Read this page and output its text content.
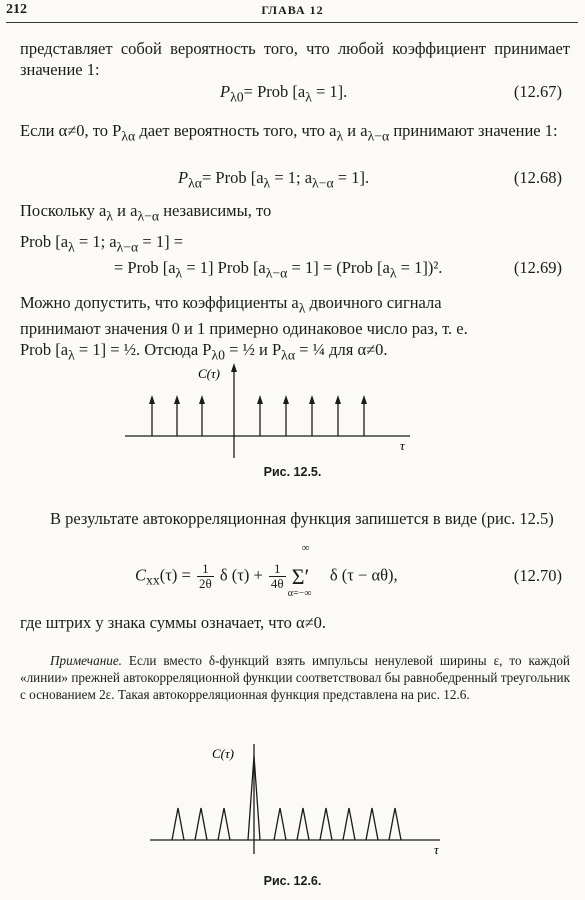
212	ГЛАВА 12

представляет собой вероятность того, что любой коэффициент принимает значение 1:

$P_{\lambda 0}=$ Prob $[a_\lambda = 1]$.	(12.67)

Если α≠0, то $P_{\lambda\alpha}$ дает вероятность того, что $a_\lambda$ и $a_{\lambda-\alpha}$ принимают значение 1:

$P_{\lambda\alpha}=$ Prob [$a_\lambda = 1$; $a_{\lambda-\alpha} = 1$].	(12.68)

Поскольку $a_\lambda$ и $a_{\lambda-\alpha}$ независимы, то

Prob [$a_\lambda = 1$; $a_{\lambda-\alpha} = 1$] =
= Prob $[a_\lambda = 1]$ Prob $[a_{\lambda-\alpha} = 1]$ = (Prob $[a_\lambda = 1])^2$.	(12.69)
Можно допустить, что коэффициенты $a_\lambda$ двоичного сигнала
принимают значения 0 и 1 примерно одинаковое число раз, т. е.
Prob $[a_\lambda = 1]$ = ½. Отсюда $P_{\lambda 0}$ = ½ и $P_{\lambda\alpha}$ = ¼ для α≠0.
C(τ)
τ
Рис. 12.5.

В результате автокорреляционная функция запишется в виде (рис. 12.5)

$C_{xx}(\tau) = \frac{1}{2\theta}$ δ $(\tau) + \frac{1}{4\theta}$

∞
Σ′
α=−∞
δ (τ − αθ),	(12.70)

где штрих у знака суммы означает, что α≠0.

Примечание. Если вместо δ-функций взять импульсы ненулевой ширины ε, то каждой «линии» прежней автокорреляционной функции соответствовал бы равнобедренный треугольник с основанием 2ε. Такая автокорреляционная функция представлена на рис. 12.6.

C(τ)
τ
Рис. 12.6.
